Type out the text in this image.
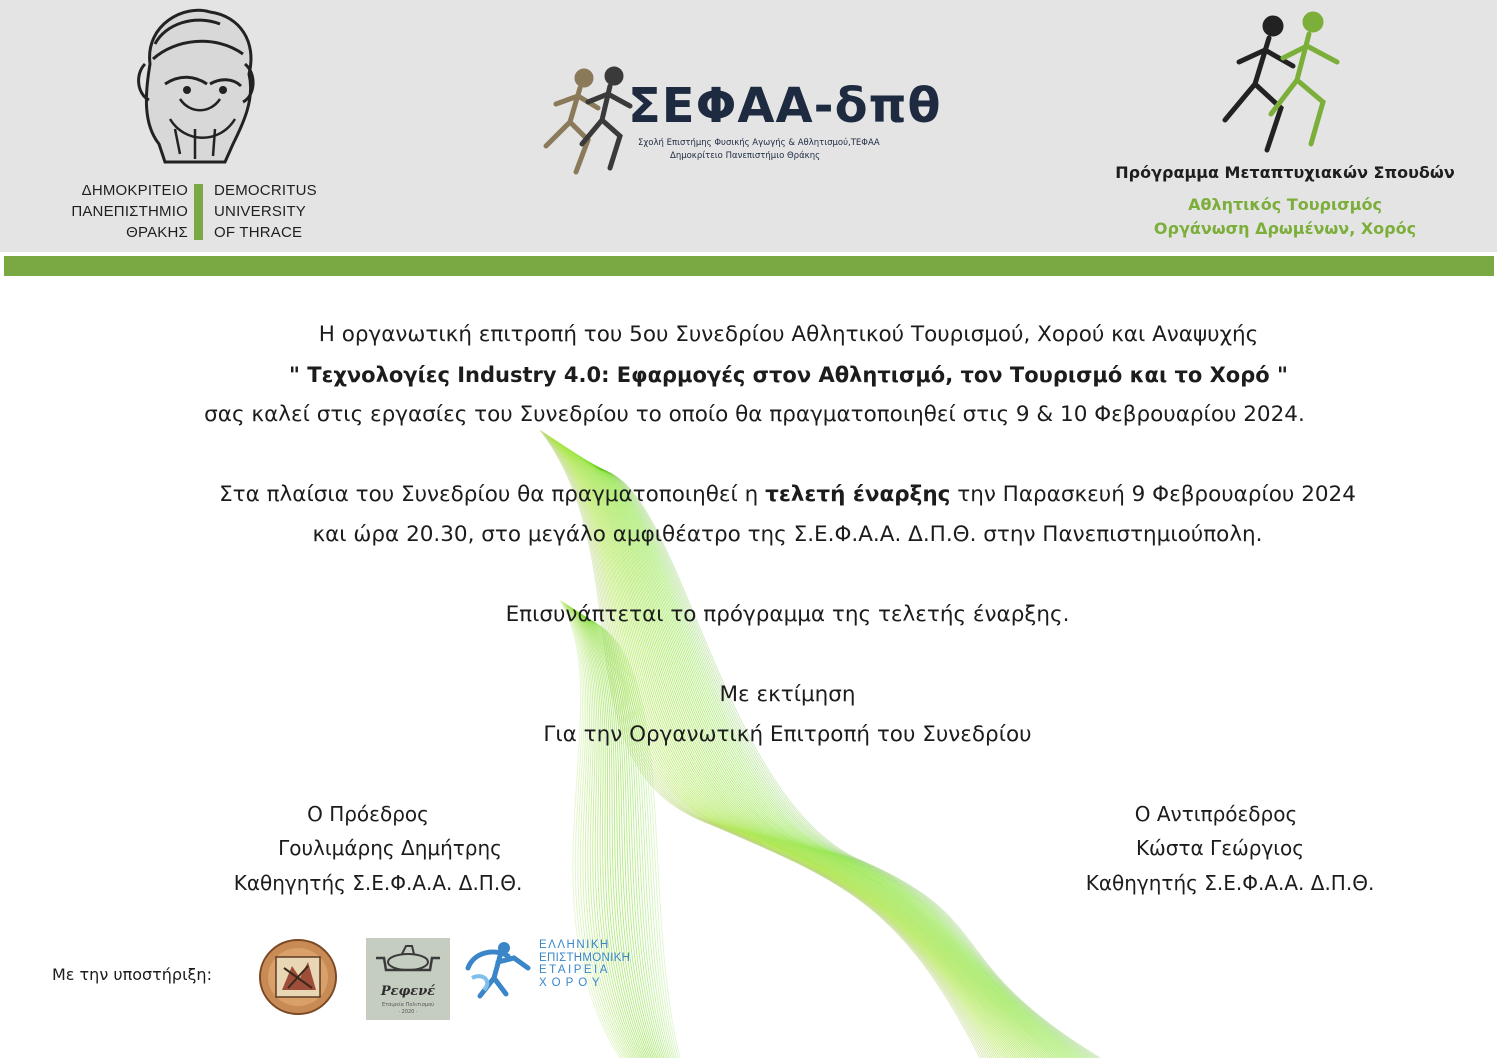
ΔΗΜΟΚΡΙΤΕΙΟ
ΠΑΝΕΠΙΣΤΗΜΙΟ
ΘΡΑΚΗΣ
DEMOCRITUS
UNIVERSITY
OF THRACE
ΣΕΦΑΑ-δπθ
Σχολή Επιστήμης Φυσικής Αγωγής & Αθλητισμού,ΤΕΦΑΑ
Δημοκρίτειο Πανεπιστήμιο Θράκης
Πρόγραμμα Μεταπτυχιακών Σπουδών
Αθλητικός Τουρισμός
Οργάνωση Δρωμένων, Χορός
Η οργανωτική επιτροπή του 5ου Συνεδρίου Αθλητικού Τουρισμού, Χορού και Αναψυχής
" Τεχνολογίες Industry 4.0: Εφαρμογές στον Αθλητισμό, τον Τουρισμό και το Χορό "
σας καλεί στις εργασίες του Συνεδρίου το οποίο θα πραγματοποιηθεί στις 9 & 10 Φεβρουαρίου 2024.
Στα πλαίσια του Συνεδρίου θα πραγματοποιηθεί η τελετή έναρξης την Παρασκευή 9 Φεβρουαρίου 2024
και ώρα 20.30, στο μεγάλο αμφιθέατρο της Σ.Ε.Φ.Α.Α. Δ.Π.Θ. στην Πανεπιστημιούπολη.
Επισυνάπτεται το πρόγραμμα της τελετής έναρξης.
Με εκτίμηση
Για την Οργανωτική Επιτροπή του Συνεδρίου
Ο Πρόεδρος
Γουλιμάρης Δημήτρης
Καθηγητής Σ.Ε.Φ.Α.Α. Δ.Π.Θ.
Ο Αντιπρόεδρος
Κώστα Γεώργιος
Καθηγητής Σ.Ε.Φ.Α.Α. Δ.Π.Θ.
Με την υποστήριξη:
Ρεφενέ
Εταιρεία Πολιτισμού
· 2020 ·
ΕΛΛΗΝΙΚΗ
ΕΠΙΣΤΗΜΟΝΙΚΗ
ΕΤΑΙΡΕΙΑ
ΧΟΡΟΥ
